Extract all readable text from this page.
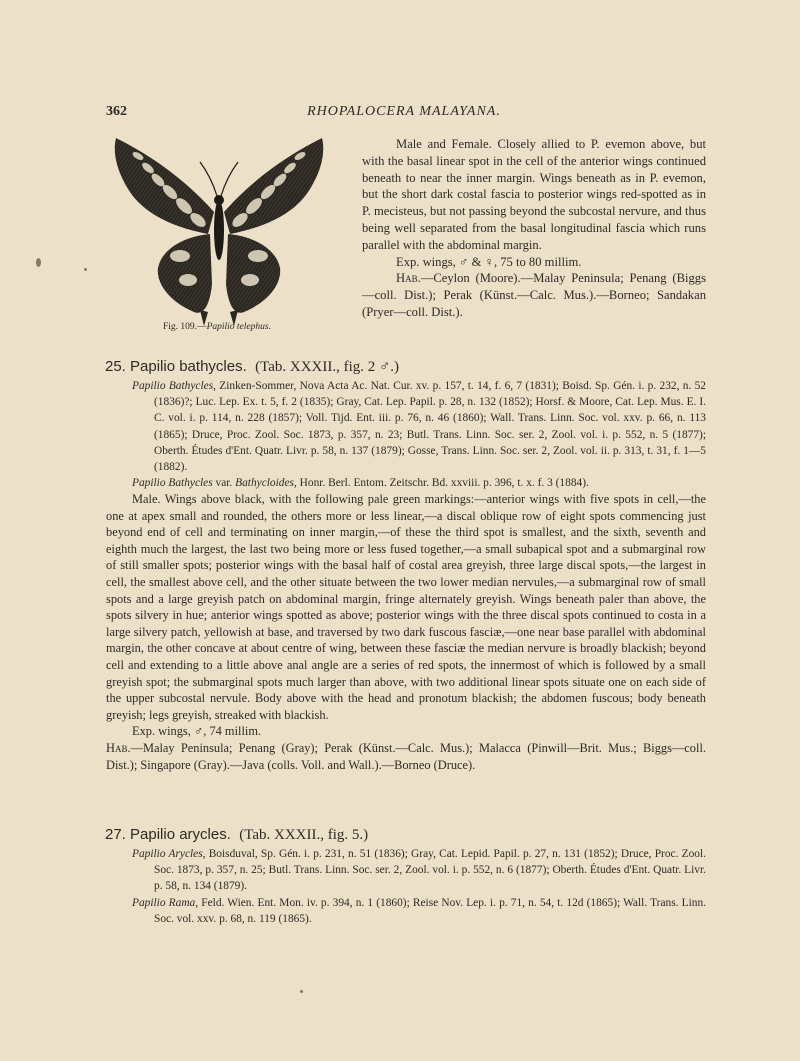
362	RHOPALOCERA MALAYANA.
Fig. 109.—Papilio telephus.

Male and Female. Closely allied to P. evemon above, but with the basal linear spot in the cell of the anterior wings continued beneath to near the inner margin. Wings beneath as in P. evemon, but the short dark costal fascia to posterior wings red-spotted as in P. mecisteus, but not passing beyond the subcostal nervure, and thus being well separated from the basal longitudinal fascia which runs parallel with the abdominal margin.

Exp. wings, ♂ & ♀, 75 to 80 millim.

Hab.—Ceylon (Moore).—Malay Peninsula; Penang (Biggs—coll. Dist.); Perak (Künst.—Calc. Mus.).—Borneo; Sandakan (Pryer—coll. Dist.).

25. Papilio bathycles. (Tab. XXXII., fig. 2 ♂.)

Papilio Bathycles, Zinken-Sommer, Nova Acta Ac. Nat. Cur. xv. p. 157, t. 14, f. 6, 7 (1831); Boisd. Sp. Gén. i. p. 232, n. 52 (1836)?; Luc. Lep. Ex. t. 5, f. 2 (1835); Gray, Cat. Lep. Papil. p. 28, n. 132 (1852); Horsf. & Moore, Cat. Lep. Mus. E. I. C. vol. i. p. 114, n. 228 (1857); Voll. Tijd. Ent. iii. p. 76, n. 46 (1860); Wall. Trans. Linn. Soc. vol. xxv. p. 66, n. 113 (1865); Druce, Proc. Zool. Soc. 1873, p. 357, n. 23; Butl. Trans. Linn. Soc. ser. 2, Zool. vol. i. p. 552, n. 5 (1877); Oberth. Études d'Ent. Quatr. Livr. p. 58, n. 137 (1879); Gosse, Trans. Linn. Soc. ser. 2, Zool. vol. ii. p. 313, t. 31, f. 1—5 (1882).

Papilio Bathycles var. Bathycloides, Honr. Berl. Entom. Zeitschr. Bd. xxviii. p. 396, t. x. f. 3 (1884).

Male. Wings above black, with the following pale green markings:—anterior wings with five spots in cell,—the one at apex small and rounded, the others more or less linear,—a discal oblique row of eight spots commencing just beyond end of cell and terminating on inner margin,—of these the third spot is smallest, and the sixth, seventh and eighth much the largest, the last two being more or less fused together,—a small subapical spot and a submarginal row of still smaller spots; posterior wings with the basal half of costal area greyish, three large discal spots,—the largest in cell, the smallest above cell, and the other situate between the two lower median nervules,—a submarginal row of small spots and a large greyish patch on abdominal margin, fringe alternately greyish. Wings beneath paler than above, the spots silvery in hue; anterior wings spotted as above; posterior wings with the three discal spots continued to costa in a large silvery patch, yellowish at base, and traversed by two dark fuscous fasciæ,—one near base parallel with abdominal margin, the other concave at about centre of wing, between these fasciæ the median nervure is broadly blackish; beyond cell and extending to a little above anal angle are a series of red spots, the innermost of which is followed by a small greyish spot; the submarginal spots much larger than above, with two additional linear spots situate one on each side of the upper subcostal nervule. Body above with the head and pronotum blackish; the abdomen fuscous; body beneath greyish; legs greyish, streaked with blackish.

Exp. wings, ♂, 74 millim.

Hab.—Malay Peninsula; Penang (Gray); Perak (Künst.—Calc. Mus.); Malacca (Pinwill—Brit. Mus.; Biggs—coll. Dist.); Singapore (Gray).—Java (colls. Voll. and Wall.).—Borneo (Druce).

27. Papilio arycles. (Tab. XXXII., fig. 5.)

Papilio Arycles, Boisduval, Sp. Gén. i. p. 231, n. 51 (1836); Gray, Cat. Lepid. Papil. p. 27, n. 131 (1852); Druce, Proc. Zool. Soc. 1873, p. 357, n. 25; Butl. Trans. Linn. Soc. ser. 2, Zool. vol. i. p. 552, n. 6 (1877); Oberth. Études d'Ent. Quatr. Livr. p. 58, n. 134 (1879).

Papilio Rama, Feld. Wien. Ent. Mon. iv. p. 394, n. 1 (1860); Reise Nov. Lep. i. p. 71, n. 54, t. 12d (1865); Wall. Trans. Linn. Soc. vol. xxv. p. 68, n. 119 (1865).
